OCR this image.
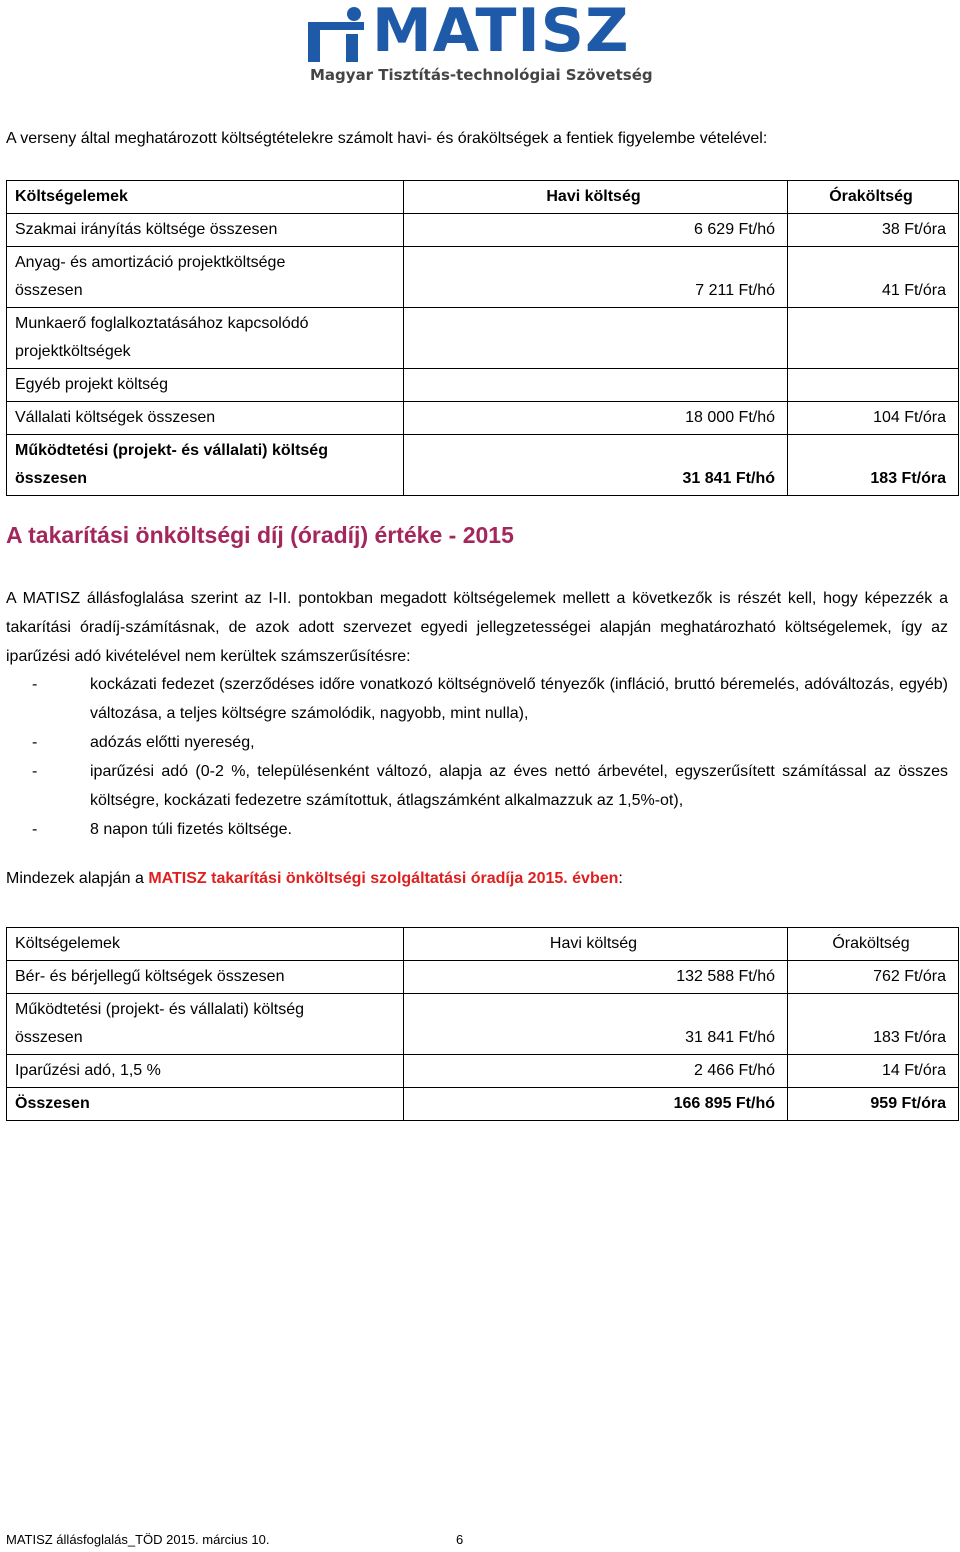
MATISZ
Magyar Tisztítás-technológiai Szövetség
A verseny által meghatározott költségtételekre számolt havi- és óraköltségek a fentiek figyelembe vételével:
Költségelemek	Havi költség	Óraköltség
Szakmai irányítás költsége összesen	6 629 Ft/hó	38 Ft/óra
Anyag- és amortizáció projektköltsége
összesen	7 211 Ft/hó	41 Ft/óra
Munkaerő foglalkoztatásához kapcsolódó
projektköltségek		
Egyéb projekt költség		
Vállalati költségek összesen	18 000 Ft/hó	104 Ft/óra
Működtetési (projekt- és vállalati) költség
összesen	31 841 Ft/hó	183 Ft/óra
A takarítási önköltségi díj (óradíj) értéke - 2015
A MATISZ állásfoglalása szerint az I-II. pontokban megadott költségelemek mellett a következők is részét kell, hogy képezzék a takarítási óradíj-számításnak, de azok adott szervezet egyedi jellegzetességei alapján meghatározható költségelemek, így az iparűzési adó kivételével nem kerültek számszerűsítésre:
-	kockázati fedezet (szerződéses időre vonatkozó költségnövelő tényezők (infláció, bruttó béremelés, adóváltozás, egyéb) változása, a teljes költségre számolódik, nagyobb, mint nulla),
-	adózás előtti nyereség,
-	iparűzési adó (0-2 %, településenként változó, alapja az éves nettó árbevétel, egyszerűsített számítással az összes költségre, kockázati fedezetre számítottuk, átlagszámként alkalmazzuk az 1,5%-ot),
-	8 napon túli fizetés költsége.
Mindezek alapján a MATISZ takarítási önköltségi szolgáltatási óradíja 2015. évben:
Költségelemek	Havi költség	Óraköltség
Bér- és bérjellegű költségek összesen	132 588 Ft/hó	762 Ft/óra
Működtetési (projekt- és vállalati) költség
összesen	31 841 Ft/hó	183 Ft/óra
Iparűzési adó, 1,5 %	2 466 Ft/hó	14 Ft/óra
Összesen	166 895 Ft/hó	959 Ft/óra
MATISZ állásfoglalás_TÖD 2015. március 10.	6
